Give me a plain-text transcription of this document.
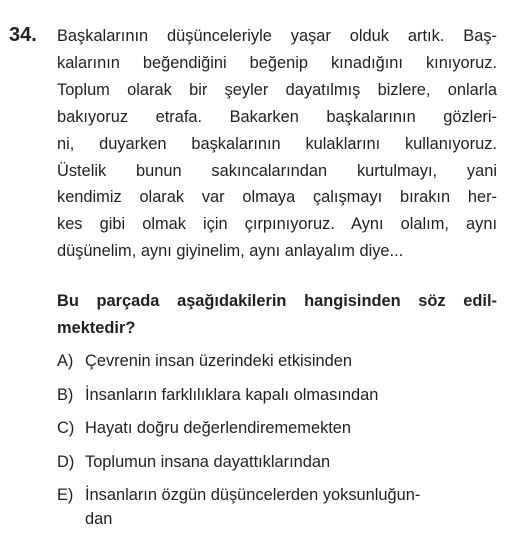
34. Başkalarının düşünceleriyle yaşar olduk artık. Baş-
kalarının beğendiğini beğenip kınadığını kınıyoruz.
Toplum olarak bir şeyler dayatılmış bizlere, onlarla
bakıyoruz etrafa. Bakarken başkalarının gözleri-
ni, duyarken başkalarının kulaklarını kullanıyoruz.
Üstelik bunun sakıncalarından kurtulmayı, yani
kendimiz olarak var olmaya çalışmayı bırakın her-
kes gibi olmak için çırpınıyoruz. Aynı olalım, aynı
düşünelim, aynı giyinelim, aynı anlayalım diye...
Bu parçada aşağıdakilerin hangisinden söz edil-
mektedir?
A) Çevrenin insan üzerindeki etkisinden
B) İnsanların farklılıklara kapalı olmasından
C) Hayatı doğru değerlendirememekten
D) Toplumun insana dayattıklarından
E) İnsanların özgün düşüncelerden yoksunluğun-
dan
